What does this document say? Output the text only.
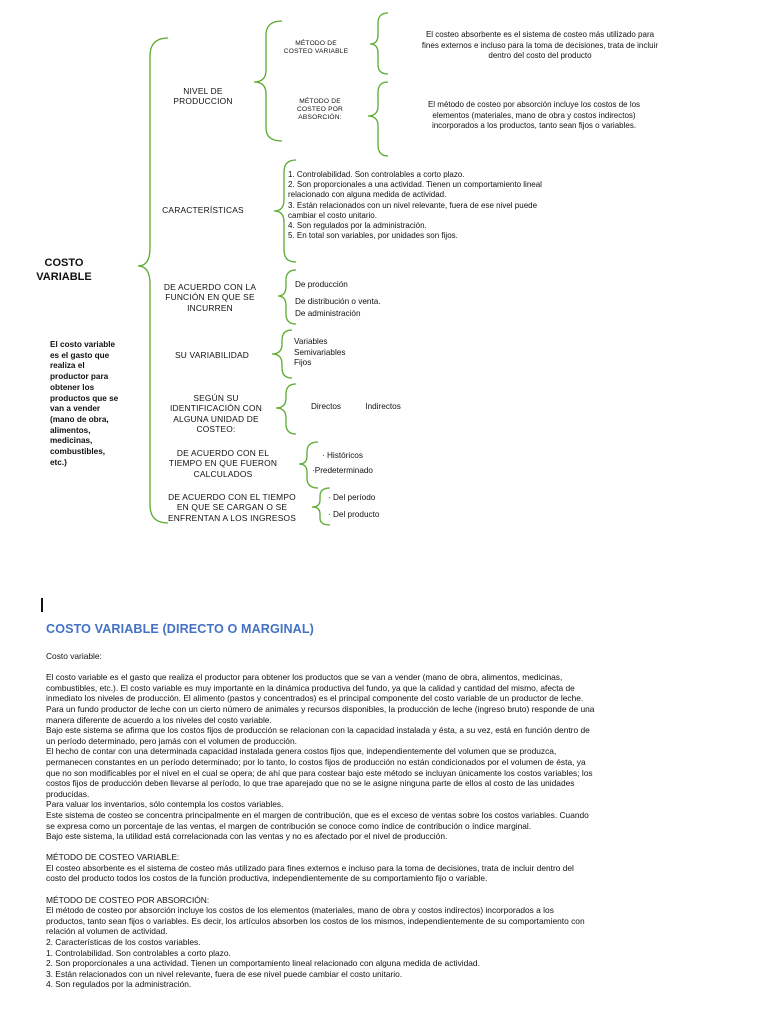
COSTO
VARIABLE
El costo variable
es el gasto que
realiza el
productor para
obtener los
productos que se
van a vender
(mano de obra,
alimentos,
medicinas,
combustibles,
etc.)
NIVEL DE
PRODUCCION
MÉTODO DE
COSTEO VARIABLE
MÉTODO DE
COSTEO POR
ABSORCIÓN:
El costeo absorbente es el sistema de costeo más utilizado para
fines externos e incluso para la toma de decisiones, trata de incluir
dentro del costo del producto
El método de costeo por absorción incluye los costos de los
elementos (materiales, mano de obra y costos indirectos)
incorporados a los productos, tanto sean fijos o variables.
CARACTERÍSTICAS
1. Controlabilidad. Son controlables a corto plazo.
2. Son proporcionales a una actividad. Tienen un comportamiento lineal
relacionado con alguna medida de actividad.
3. Están relacionados con un nivel relevante, fuera de ese nivel puede
cambiar el costo unitario.
4. Son regulados por la administración.
5. En total son variables, por unidades son fijos.
DE ACUERDO CON LA
FUNCIÓN EN QUE SE
INCURREN
De producción
De distribución o venta.
De administración
SU VARIABILIDAD
Variables
Semivariables
Fijos
SEGÚN SU
IDENTIFICACIÓN CON
ALGUNA UNIDAD DE
COSTEO:
Directos	Indirectos
DE ACUERDO CON EL
TIEMPO EN QUE FUERON
CALCULADOS
· Históricos
·Predeterminado
DE ACUERDO CON EL TIEMPO
EN QUE SE CARGAN O SE
ENFRENTAN A LOS INGRESOS
· Del período
· Del producto
COSTO VARIABLE (DIRECTO O MARGINAL)

Costo variable:

El costo variable es el gasto que realiza el productor para obtener los productos que se van a vender (mano de obra, alimentos, medicinas,
combustibles, etc.). El costo variable es muy importante en la dinámica productiva del fundo, ya que la calidad y cantidad del mismo, afecta de
inmediato los niveles de producción. El alimento (pastos y concentrados) es el principal componente del costo variable de un productor de leche.
Para un fundo productor de leche con un cierto número de animales y recursos disponibles, la producción de leche (ingreso bruto) responde de una
manera diferente de acuerdo a los niveles del costo variable.
Bajo este sistema se afirma que los costos fijos de producción se relacionan con la capacidad instalada y ésta, a su vez, está en función dentro de
un período determinado, pero jamás con el volumen de producción.
El hecho de contar con una determinada capacidad instalada genera costos fijos que, independientemente del volumen que se produzca,
permanecen constantes en un período determinado; por lo tanto, lo costos fijos de producción no están condicionados por el volumen de ésta, ya
que no son modificables por el nivel en el cual se opera; de ahí que para costear bajo este método se incluyan únicamente los costos variables; los
costos fijos de producción deben llevarse al período, lo que trae aparejado que no se le asigne ninguna parte de ellos al costo de las unidades
producidas.
Para valuar los inventarios, sólo contempla los costos variables.
Este sistema de costeo se concentra principalmente en el margen de contribución, que es el exceso de ventas sobre los costos variables. Cuando
se expresa como un porcentaje de las ventas, el margen de contribución se conoce como índice de contribución o índice marginal.
Bajo este sistema, la utilidad está correlacionada con las ventas y no es afectado por el nivel de producción.

MÉTODO DE COSTEO VARIABLE:

El costeo absorbente es el sistema de costeo más utilizado para fines externos e incluso para la toma de decisiones, trata de incluir dentro del
costo del producto todos los costos de la función productiva, independientemente de su comportamiento fijo o variable.

MÉTODO DE COSTEO POR ABSORCIÓN:

El método de costeo por absorción incluye los costos de los elementos (materiales, mano de obra y costos indirectos) incorporados a los
productos, tanto sean fijos o variables. Es decir, los artículos absorben los costos de los mismos, independientemente de su comportamiento con
relación al volumen de actividad.
2. Características de los costos variables.
1. Controlabilidad. Son controlables a corto plazo.
2. Son proporcionales a una actividad. Tienen un comportamiento lineal relacionado con alguna medida de actividad.
3. Están relacionados con un nivel relevante, fuera de ese nivel puede cambiar el costo unitario.
4. Son regulados por la administración.
